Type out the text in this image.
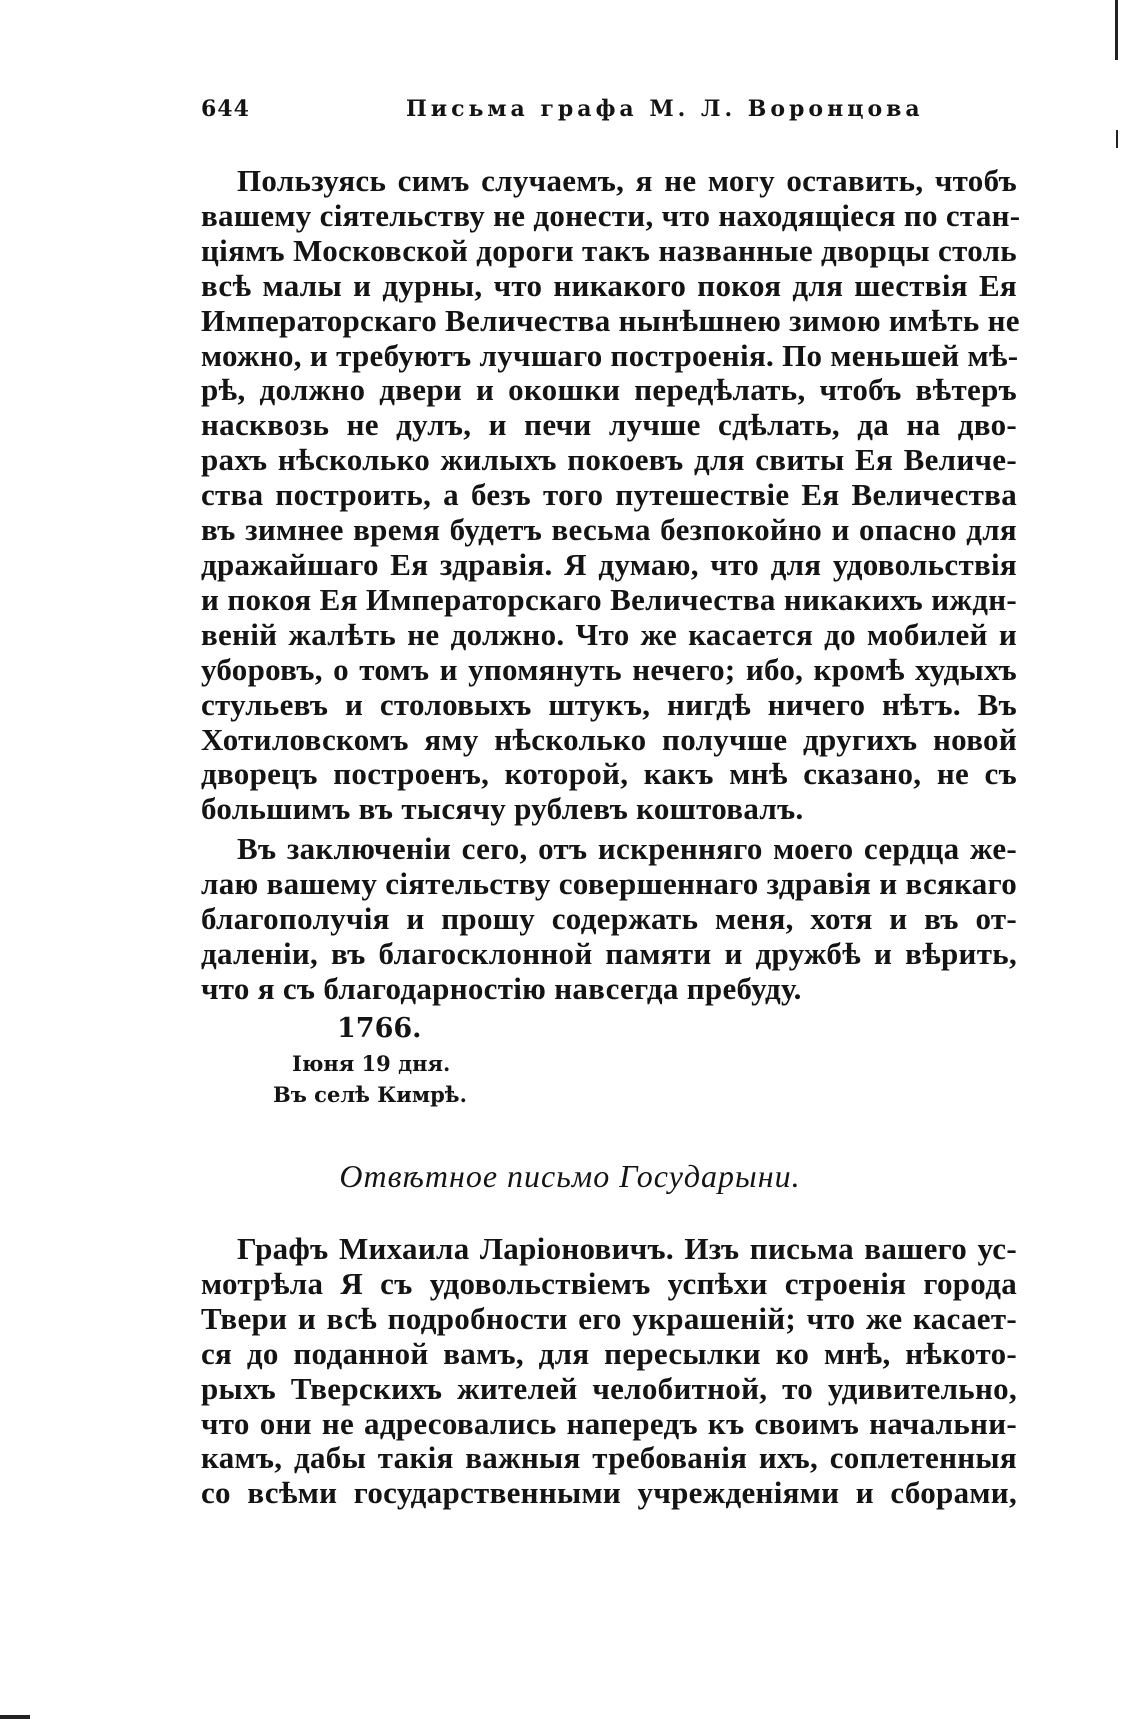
644	Письма графа М. Л. Воронцова
Пользуясь симъ случаемъ, я не могу оставить, чтобъ
вашему сіятельству не донести, что находящіеся по стан-
ціямъ Московской дороги такъ названные дворцы столь
всѣ малы и дурны, что никакого покоя для шествія Ея
Императорскаго Величества нынѣшнею зимою имѣть не
можно, и требуютъ лучшаго построенія. По меньшей мѣ-
рѣ, должно двери и окошки передѣлать, чтобъ вѣтеръ
насквозь не дулъ, и печи лучше сдѣлать, да на дво-
рахъ нѣсколько жилыхъ покоевъ для свиты Ея Величе-
ства построить, а безъ того путешествіе Ея Величества
въ зимнее время будетъ весьма безпокойно и опасно для
дражайшаго Ея здравія. Я думаю, что для удовольствія
и покоя Ея Императорскаго Величества никакихъ иждн-
веній жалѣть не должно. Что же касается до мобилей и
уборовъ, о томъ и упомянуть нечего; ибо, кромѣ худыхъ
стульевъ и столовыхъ штукъ, нигдѣ ничего нѣтъ. Въ
Хотиловскомъ яму нѣсколько получше другихъ новой
дворецъ построенъ, которой, какъ мнѣ сказано, не съ
большимъ въ тысячу рублевъ коштовалъ.
Въ заключеніи сего, отъ искренняго моего сердца же-
лаю вашему сіятельству совершеннаго здравія и всякаго
благополучія и прошу содержать меня, хотя и въ от-
даленіи, въ благосклонной памяти и дружбѣ и вѣрить,
что я съ благодарностію навсегда пребуду.
1766.
Іюня 19 дня.
Въ селѣ Кимрѣ.
Отвѣтное письмо Государыни.
Графъ Михаила Ларіоновичъ. Изъ письма вашего ус-
мотрѣла Я съ удовольствіемъ успѣхи строенія города
Твери и всѣ подробности его украшеній; что же касает-
ся до поданной вамъ, для пересылки ко мнѣ, нѣкото-
рыхъ Тверскихъ жителей челобитной, то удивительно,
что они не адресовались напередъ къ своимъ начальни-
камъ, дабы такія важныя требованія ихъ, соплетенныя
со всѣми государственными учрежденіями и сборами,
